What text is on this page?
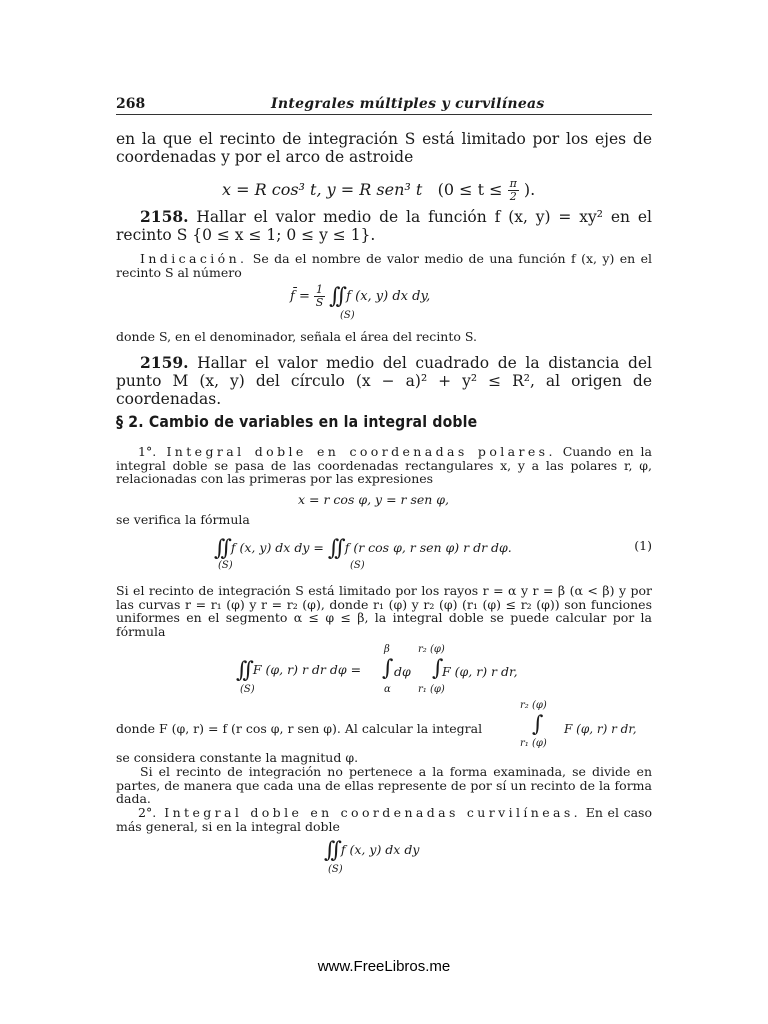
268	Integrales múltiples y curvilíneas

en la que el recinto de integración S está limitado por los ejes de coordenadas y por el arco de astroide

x = R cos³ t, y = R sen³ t ($0 \le t \le \frac{\pi}{2}$ ).

2158. Hallar el valor medio de la función f (x, y) = xy² en el recinto S {0 ≤ x ≤ 1; 0 ≤ y ≤ 1}.

Indicación. Se da el nombre de valor medio de una función f (x, y) en el recinto S al número

f̄ = $\frac{1}{S}$ ∫∫ f (x, y) dx dy,
(S)

donde S, en el denominador, señala el área del recinto S.

2159. Hallar el valor medio del cuadrado de la distancia del punto M (x, y) del círculo (x − a)² + y² ≤ R², al origen de coordenadas.

§ 2. Cambio de variables en la integral doble

1°. Integral doble en coordenadas polares. Cuando en la integral doble se pasa de las coordenadas rectangulares x, y a las polares r, φ, relacionadas con las primeras por las expresiones

x = r cos φ, y = r sen φ,

se verifica la fórmula

∫∫ f (x, y) dx dy = ∫∫ f (r cos φ, r sen φ) r dr dφ.
(S)	(S)
(1)

Si el recinto de integración S está limitado por los rayos r = α y r = β (α < β) y por las curvas r = r₁ (φ) y r = r₂ (φ), donde r₁ (φ) y r₂ (φ) (r₁ (φ) ≤ r₂ (φ)) son funciones uniformes en el segmento α ≤ φ ≤ β, la integral doble se puede calcular por la fórmula

∫∫ F (φ, r) r dr dφ =
(S)
∫
β
α
dφ ∫
r₂ (φ)
r₁ (φ)
F (φ, r) r dr,

donde F (φ, r) = f (r cos φ, r sen φ). Al calcular la integral

r₂ (φ)
∫
r₁ (φ)
F (φ, r) r dr,

se considera constante la magnitud φ.

Si el recinto de integración no pertenece a la forma examinada, se divide en partes, de manera que cada una de ellas represente de por sí un recinto de la forma dada.

2°. Integral doble en coordenadas curvilíneas. En el caso más general, si en la integral doble

∫∫ f (x, y) dx dy
(S)
www.FreeLibros.me
